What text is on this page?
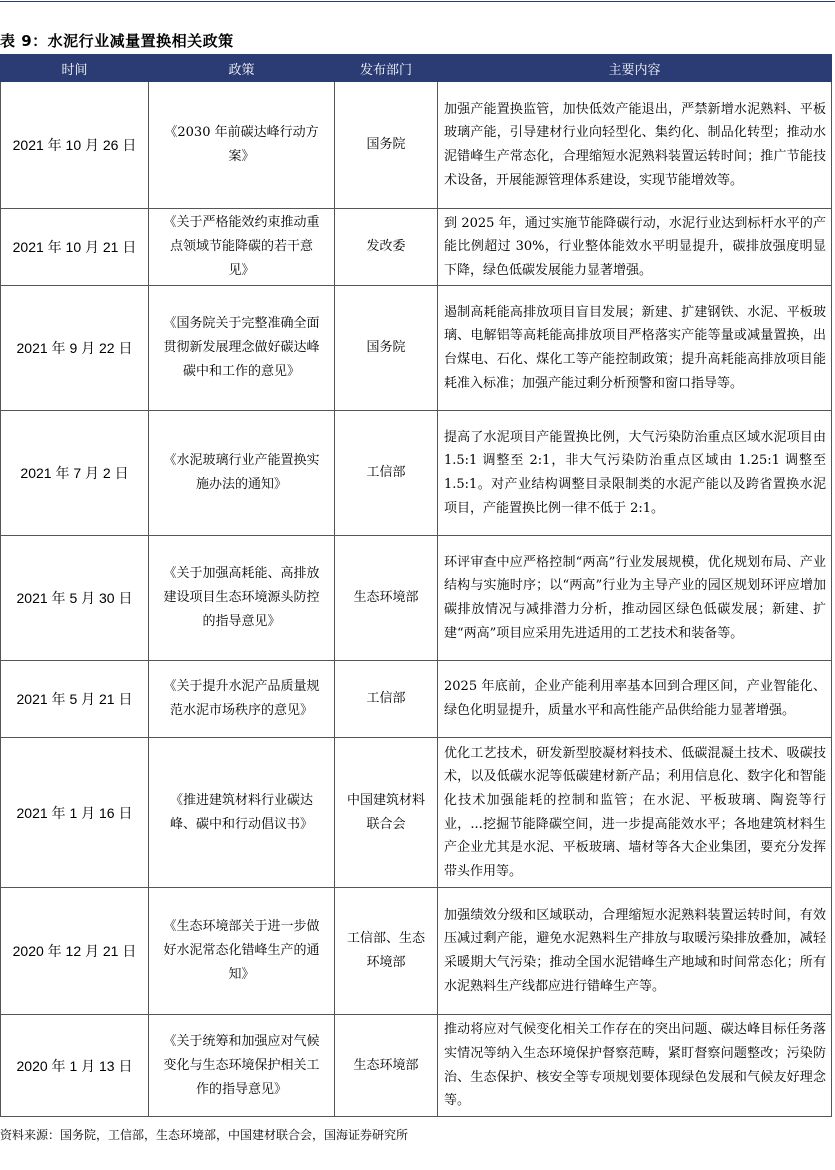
表 9：水泥行业减量置换相关政策
时间	政策	发布部门	主要内容
2021 年 10 月 26 日	《2030 年前碳达峰行动方案》	国务院	加强产能置换监管，加快低效产能退出，严禁新增水泥熟料、平板玻璃产能，引导建材行业向轻型化、集约化、制品化转型；推动水泥错峰生产常态化，合理缩短水泥熟料装置运转时间；推广节能技术设备，开展能源管理体系建设，实现节能增效等。
2021 年 10 月 21 日	《关于严格能效约束推动重点领域节能降碳的若干意见》	发改委	到 2025 年，通过实施节能降碳行动，水泥行业达到标杆水平的产能比例超过 30%，行业整体能效水平明显提升，碳排放强度明显下降，绿色低碳发展能力显著增强。
2021 年 9 月 22 日	《国务院关于完整准确全面贯彻新发展理念做好碳达峰碳中和工作的意见》	国务院	遏制高耗能高排放项目盲目发展；新建、扩建钢铁、水泥、平板玻璃、电解铝等高耗能高排放项目严格落实产能等量或减量置换，出台煤电、石化、煤化工等产能控制政策；提升高耗能高排放项目能耗准入标准；加强产能过剩分析预警和窗口指导等。
2021 年 7 月 2 日	《水泥玻璃行业产能置换实施办法的通知》	工信部	提高了水泥项目产能置换比例，大气污染防治重点区域水泥项目由 1.5:1 调整至 2:1，非大气污染防治重点区域由 1.25:1 调整至 1.5:1。对产业结构调整目录限制类的水泥产能以及跨省置换水泥项目，产能置换比例一律不低于 2:1。
2021 年 5 月 30 日	《关于加强高耗能、高排放建设项目生态环境源头防控的指导意见》	生态环境部	环评审查中应严格控制“两高”行业发展规模，优化规划布局、产业结构与实施时序；以“两高”行业为主导产业的园区规划环评应增加碳排放情况与减排潜力分析，推动园区绿色低碳发展；新建、扩建“两高”项目应采用先进适用的工艺技术和装备等。
2021 年 5 月 21 日	《关于提升水泥产品质量规范水泥市场秩序的意见》	工信部	2025 年底前，企业产能利用率基本回到合理区间，产业智能化、绿色化明显提升，质量水平和高性能产品供给能力显著增强。
2021 年 1 月 16 日	《推进建筑材料行业碳达峰、碳中和行动倡议书》	中国建筑材料联合会	优化工艺技术，研发新型胶凝材料技术、低碳混凝土技术、吸碳技术，以及低碳水泥等低碳建材新产品；利用信息化、数字化和智能化技术加强能耗的控制和监管；在水泥、平板玻璃、陶瓷等行业，...挖掘节能降碳空间，进一步提高能效水平；各地建筑材料生产企业尤其是水泥、平板玻璃、墙材等各大企业集团，要充分发挥带头作用等。
2020 年 12 月 21 日	《生态环境部关于进一步做好水泥常态化错峰生产的通知》	工信部、生态环境部	加强绩效分级和区域联动，合理缩短水泥熟料装置运转时间，有效压减过剩产能，避免水泥熟料生产排放与取暖污染排放叠加，减轻采暖期大气污染；推动全国水泥错峰生产地域和时间常态化；所有水泥熟料生产线都应进行错峰生产等。
2020 年 1 月 13 日	《关于统筹和加强应对气候变化与生态环境保护相关工作的指导意见》	生态环境部	推动将应对气候变化相关工作存在的突出问题、碳达峰目标任务落实情况等纳入生态环境保护督察范畴，紧盯督察问题整改；污染防治、生态保护、核安全等专项规划要体现绿色发展和气候友好理念等。
资料来源：国务院，工信部，生态环境部，中国建材联合会，国海证券研究所
